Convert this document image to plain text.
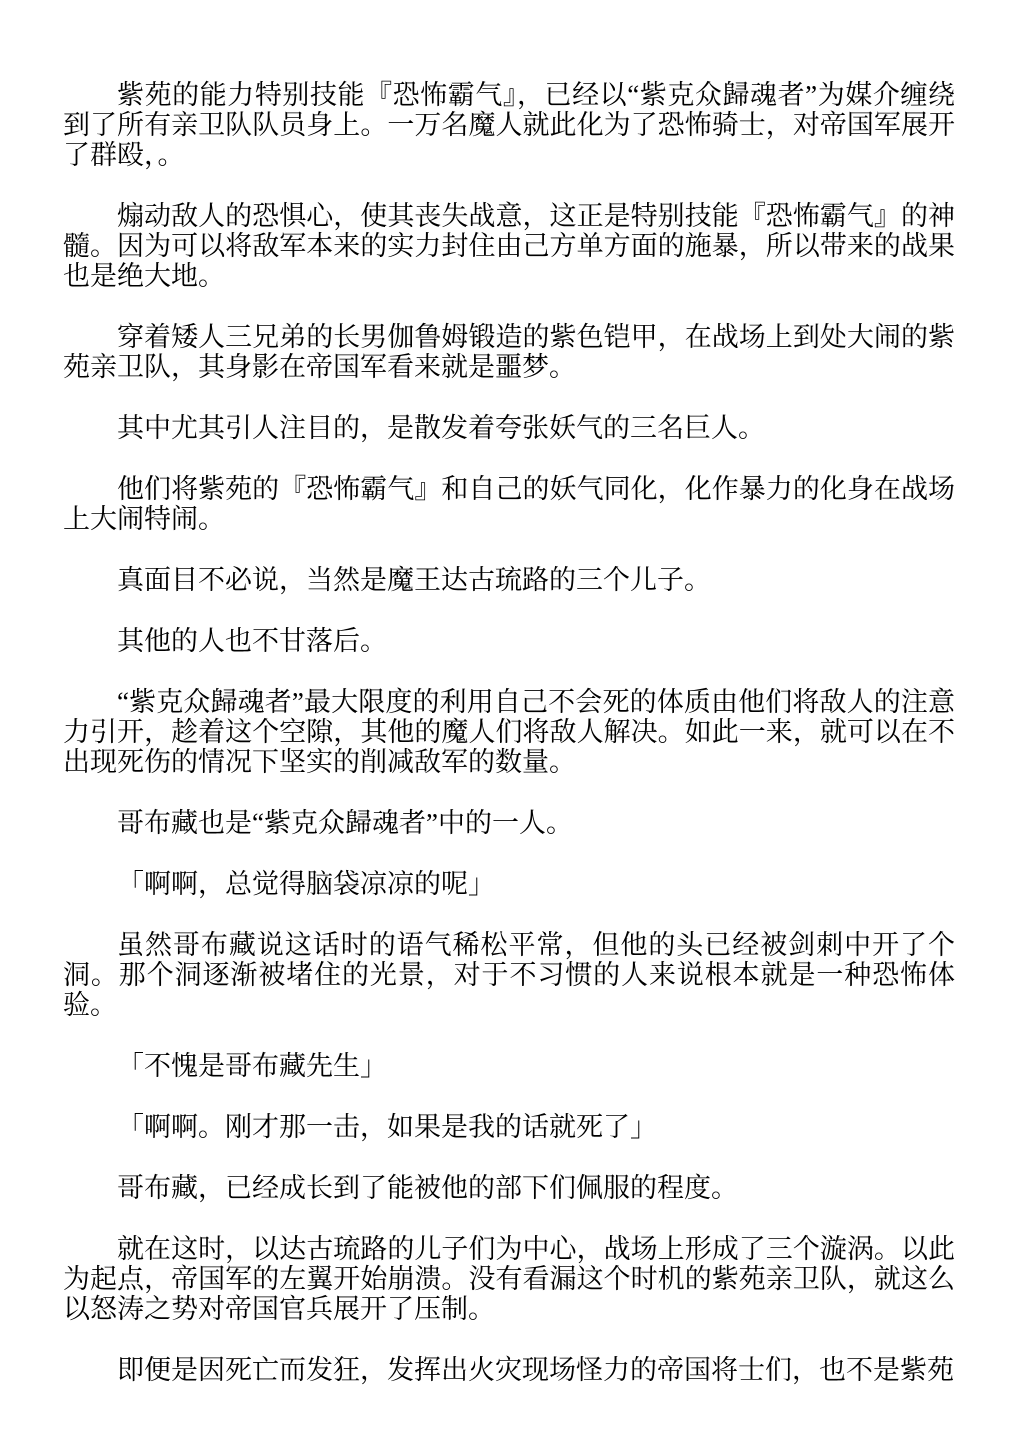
紫苑的能力特别技能『恐怖霸气』，已经以“紫克众歸魂者”为媒介缠绕到了所有亲卫队队员身上。一万名魔人就此化为了恐怖骑士，对帝国军展开了群殴，。

煽动敌人的恐惧心，使其丧失战意，这正是特别技能『恐怖霸气』的神髓。因为可以将敌军本来的实力封住由己方单方面的施暴，所以带来的战果也是绝大地。

穿着矮人三兄弟的长男伽鲁姆锻造的紫色铠甲，在战场上到处大闹的紫苑亲卫队，其身影在帝国军看来就是噩梦。

其中尤其引人注目的，是散发着夸张妖气的三名巨人。

他们将紫苑的『恐怖霸气』和自己的妖气同化，化作暴力的化身在战场上大闹特闹。

真面目不必说，当然是魔王达古琉路的三个儿子。

其他的人也不甘落后。

“紫克众歸魂者”最大限度的利用自己不会死的体质由他们将敌人的注意力引开，趁着这个空隙，其他的魔人们将敌人解决。如此一来，就可以在不出现死伤的情况下坚实的削减敌军的数量。

哥布藏也是“紫克众歸魂者”中的一人。

「啊啊，总觉得脑袋凉凉的呢」

虽然哥布藏说这话时的语气稀松平常，但他的头已经被剑刺中开了个洞。那个洞逐渐被堵住的光景，对于不习惯的人来说根本就是一种恐怖体验。

「不愧是哥布藏先生」

「啊啊。刚才那一击，如果是我的话就死了」

哥布藏，已经成长到了能被他的部下们佩服的程度。

就在这时，以达古琉路的儿子们为中心，战场上形成了三个漩涡。以此为起点，帝国军的左翼开始崩溃。没有看漏这个时机的紫苑亲卫队，就这么以怒涛之势对帝国官兵展开了压制。

即便是因死亡而发狂，发挥出火灾现场怪力的帝国将士们，也不是紫苑
